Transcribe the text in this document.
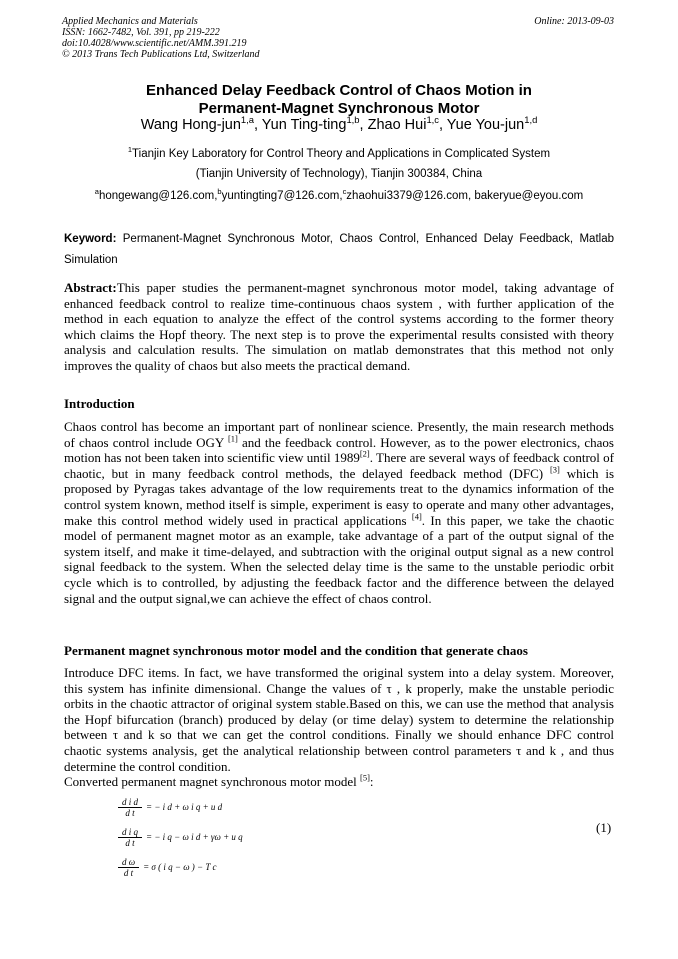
Applied Mechanics and Materials
ISSN: 1662-7482, Vol. 391, pp 219-222
doi:10.4028/www.scientific.net/AMM.391.219
© 2013 Trans Tech Publications Ltd, Switzerland
Online: 2013-09-03
Enhanced Delay Feedback Control of Chaos Motion in
Permanent-Magnet Synchronous Motor
Wang Hong-jun$^{1,a}$, Yun Ting-ting$^{1,b}$, Zhao Hui$^{1,c}$, Yue You-jun$^{1,d}$
$^1$Tianjin Key Laboratory for Control Theory and Applications in Complicated System
(Tianjin University of Technology), Tianjin 300384, China
$^a$hongewang@126.com,$^b$yuntingting7@126.com,$^c$zhaohui3379@126.com, bakeryue@eyou.com
Keyword: Permanent-Magnet Synchronous Motor, Chaos Control, Enhanced Delay Feedback, Matlab Simulation
Abstract:This paper studies the permanent-magnet synchronous motor model, taking advantage of enhanced feedback control to realize time-continuous chaos system , with further application of the method in each equation to analyze the effect of the control systems according to the former theory which claims the Hopf theory. The next step is to prove the experimental results consisted with theory analysis and calculation results. The simulation on matlab demonstrates that this method not only improves the quality of chaos but also meets the practical demand.
Introduction
Chaos control has become an important part of nonlinear science. Presently, the main research methods of chaos control include OGY [1] and the feedback control. However, as to the power electronics, chaos motion has not been taken into scientific view until 1989[2]. There are several ways of feedback control of chaotic, but in many feedback control methods, the delayed feedback method (DFC) [3] which is proposed by Pyragas takes advantage of the low requirements treat to the dynamics information of the control system known, method itself is simple, experiment is easy to operate and many other advantages, make this control method widely used in practical applications [4]. In this paper, we take the chaotic model of permanent magnet motor as an example, take advantage of a part of the output signal of the system itself, and make it time-delayed, and subtraction with the original output signal as a new control signal feedback to the system. When the selected delay time is the same to the unstable periodic orbit cycle which is to controlled, by adjusting the feedback factor and the difference between the delayed signal and the output signal,we can achieve the effect of chaos control.
Permanent magnet synchronous motor model and the condition that generate chaos
Introduce DFC items. In fact, we have transformed the original system into a delay system. Moreover, this system has infinite dimensional. Change the values of τ , k properly, make the unstable periodic orbits in the chaotic attractor of original system stable.Based on this, we can use the method that analysis the Hopf bifurcation (branch) produced by delay (or time delay) system to determine the relationship between τ and k so that we can get the control conditions. Finally we should enhance DFC control chaotic systems analysis, get the analytical relationship between control parameters τ and k , and thus determine the control condition.
Converted permanent magnet synchronous motor model [5]:
$\frac{\text{d i d}}{\text{d t}}$ = − i d + ω i q + u d
$\frac{\text{d i q}}{\text{d t}}$ = − i q − ω i d + γω + u q
$\frac{\text{d ω}}{\text{d t}} = \sigma$ ( i q − ω ) − T c
(1)
